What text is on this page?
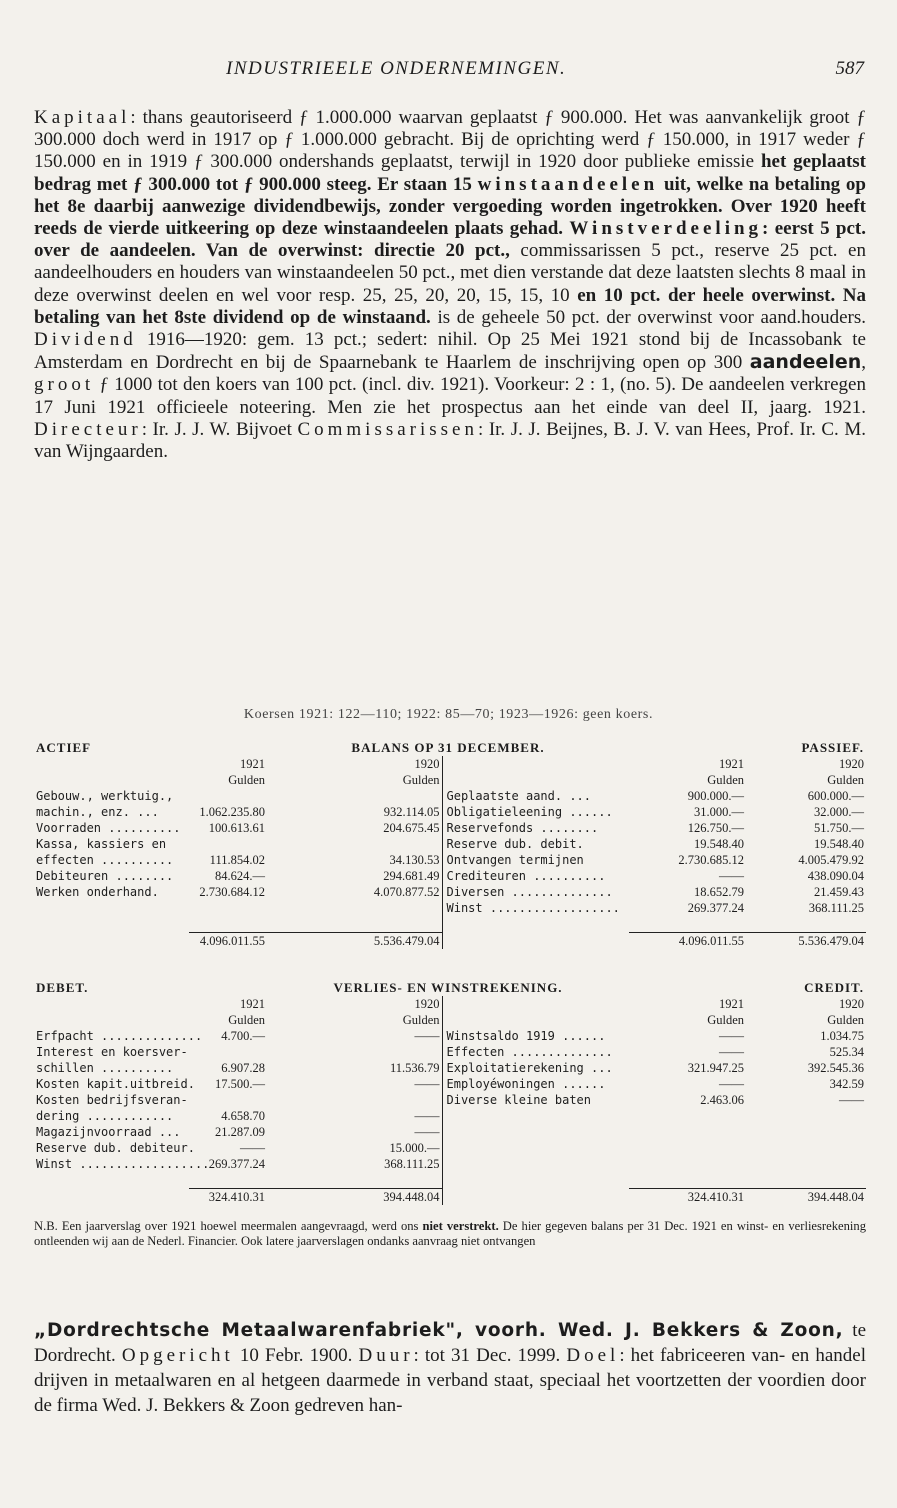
INDUSTRIEELE ONDERNEMINGEN.	587

Kapitaal: thans geautoriseerd ƒ 1.000.000 waarvan geplaatst ƒ 900.000. Het was aanvankelijk groot ƒ 300.000 doch werd in 1917 op ƒ 1.000.000 gebracht. Bij de oprichting werd ƒ 150.000, in 1917 weder ƒ 150.000 en in 1919 ƒ 300.000 ondershands geplaatst, terwijl in 1920 door publieke emissie het geplaatst bedrag met ƒ 300.000 tot ƒ 900.000 steeg. Er staan 15 winstaandeelen uit, welke na betaling op het 8e daarbij aanwezige dividendbewijs, zonder vergoeding worden ingetrokken. Over 1920 heeft reeds de vierde uitkeering op deze winstaandeelen plaats gehad. Winstverdeeling: eerst 5 pct. over de aandeelen. Van de overwinst: directie 20 pct., commissarissen 5 pct., reserve 25 pct. en aandeelhouders en houders van winstaandeelen 50 pct., met dien verstande dat deze laatsten slechts 8 maal in deze overwinst deelen en wel voor resp. 25, 25, 20, 20, 15, 15, 10 en 10 pct. der heele overwinst. Na betaling van het 8ste dividend op de winstaand. is de geheele 50 pct. der overwinst voor aand.houders. Dividend 1916—1920: gem. 13 pct.; sedert: nihil. Op 25 Mei 1921 stond bij de Incassobank te Amsterdam en Dordrecht en bij de Spaarnebank te Haarlem de inschrijving open op 300 aandeelen, groot ƒ 1000 tot den koers van 100 pct. (incl. div. 1921). Voorkeur: 2 : 1, (no. 5). De aandeelen verkregen 17 Juni 1921 officieele noteering. Men zie het prospectus aan het einde van deel II, jaarg. 1921. Directeur: Ir. J. J. W. Bijvoet Commissarissen: Ir. J. J. Beijnes, B. J. V. van Hees, Prof. Ir. C. M. van Wijngaarden.

Koersen 1921: 122—110; 1922: 85—70; 1923—1926: geen koers.
ACTIEF		BALANS OP 31 DECEMBER.			PASSIEF.
	1921	1920		1921	1920
	Gulden	Gulden		Gulden	Gulden
Gebouw., werktuig.,			Geplaatste aand. ...	900.000.—	600.000.—
machin., enz. ...	1.062.235.80	932.114.05	Obligatieleening ......	31.000.—	32.000.—
Voorraden ..........	100.613.61	204.675.45	Reservefonds ........	126.750.—	51.750.—
Kassa, kassiers en			Reserve dub. debit.	19.548.40	19.548.40
effecten ..........	111.854.02	34.130.53	Ontvangen termijnen	2.730.685.12	4.005.479.92
Debiteuren ........	84.624.—	294.681.49	Crediteuren ..........	——	438.090.04
Werken onderhand.	2.730.684.12	4.070.877.52	Diversen ..............	18.652.79	21.459.43
			Winst ..................	269.377.24	368.111.25

	4.096.011.55	5.536.479.04		4.096.011.55	5.536.479.04
DEBET.		VERLIES- EN WINSTREKENING.			CREDIT.
	1921	1920		1921	1920
	Gulden	Gulden		Gulden	Gulden
Erfpacht ..............	4.700.—	——	Winstsaldo 1919 ......	——	1.034.75
Interest en koersver-			Effecten ..............	——	525.34
schillen ..........	6.907.28	11.536.79	Exploitatierekening ...	321.947.25	392.545.36
Kosten kapit.uitbreid.	17.500.—	——	Employéwoningen ......	——	342.59
Kosten bedrijfsveran-			Diverse kleine baten	2.463.06	——
dering ............	4.658.70	——			
Magazijnvoorraad ...	21.287.09	——			
Reserve dub. debiteur.	——	15.000.—			
Winst ..................	269.377.24	368.111.25			

	324.410.31	394.448.04		324.410.31	394.448.04
N.B. Een jaarverslag over 1921 hoewel meermalen aangevraagd, werd ons niet verstrekt. De hier gegeven balans per 31 Dec. 1921 en winst- en verliesrekening ontleenden wij aan de Nederl. Financier. Ook latere jaarverslagen ondanks aanvraag niet ontvangen

„Dordrechtsche Metaalwarenfabriek", voorh. Wed. J. Bekkers & Zoon, te Dordrecht. Opgericht 10 Febr. 1900. Duur: tot 31 Dec. 1999. Doel: het fabriceeren van- en handel drijven in metaalwaren en al hetgeen daarmede in verband staat, speciaal het voortzetten der voordien door de firma Wed. J. Bekkers & Zoon gedreven han-
